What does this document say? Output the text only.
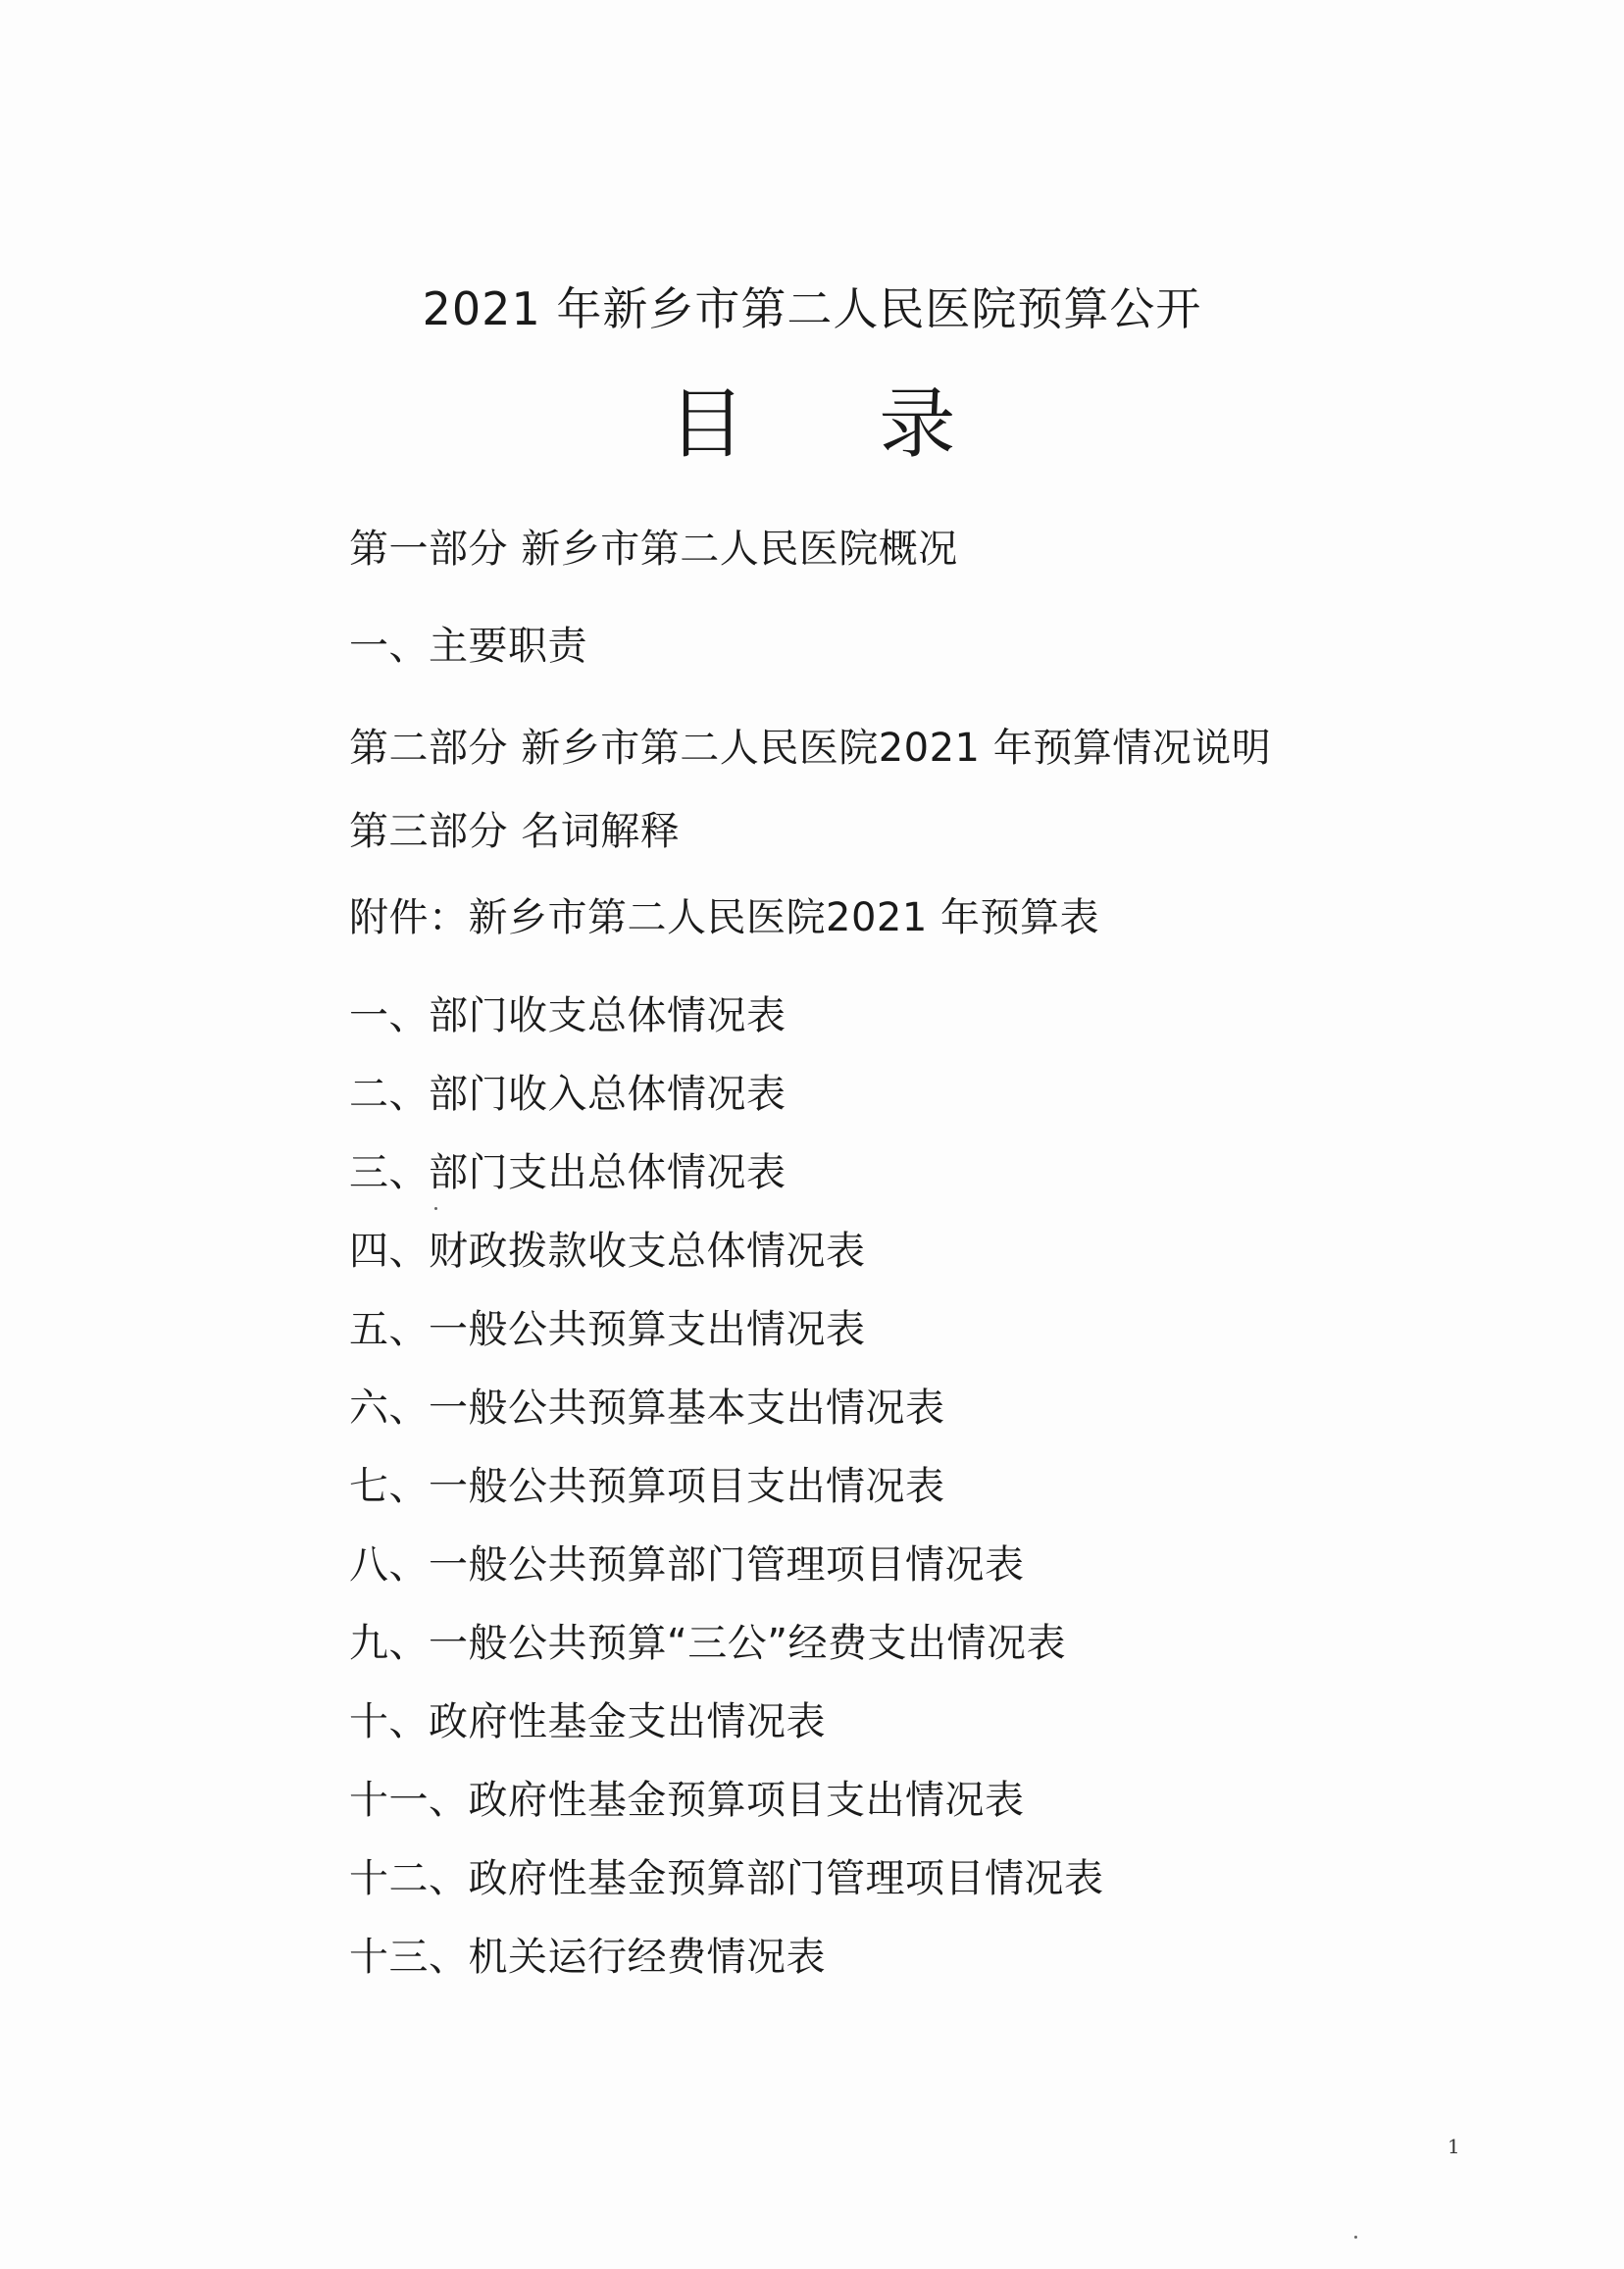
2021 年新乡市第二人民医院预算公开
目 录
第一部分 新乡市第二人民医院概况
一、主要职责
第二部分 新乡市第二人民医院2021 年预算情况说明
第三部分 名词解释
附件：新乡市第二人民医院2021 年预算表
一、部门收支总体情况表
二、部门收入总体情况表
三、部门支出总体情况表
四、财政拨款收支总体情况表
五、一般公共预算支出情况表
六、一般公共预算基本支出情况表
七、一般公共预算项目支出情况表
八、一般公共预算部门管理项目情况表
九、一般公共预算“三公”经费支出情况表
十、政府性基金支出情况表
十一、政府性基金预算项目支出情况表
十二、政府性基金预算部门管理项目情况表
十三、机关运行经费情况表
1
